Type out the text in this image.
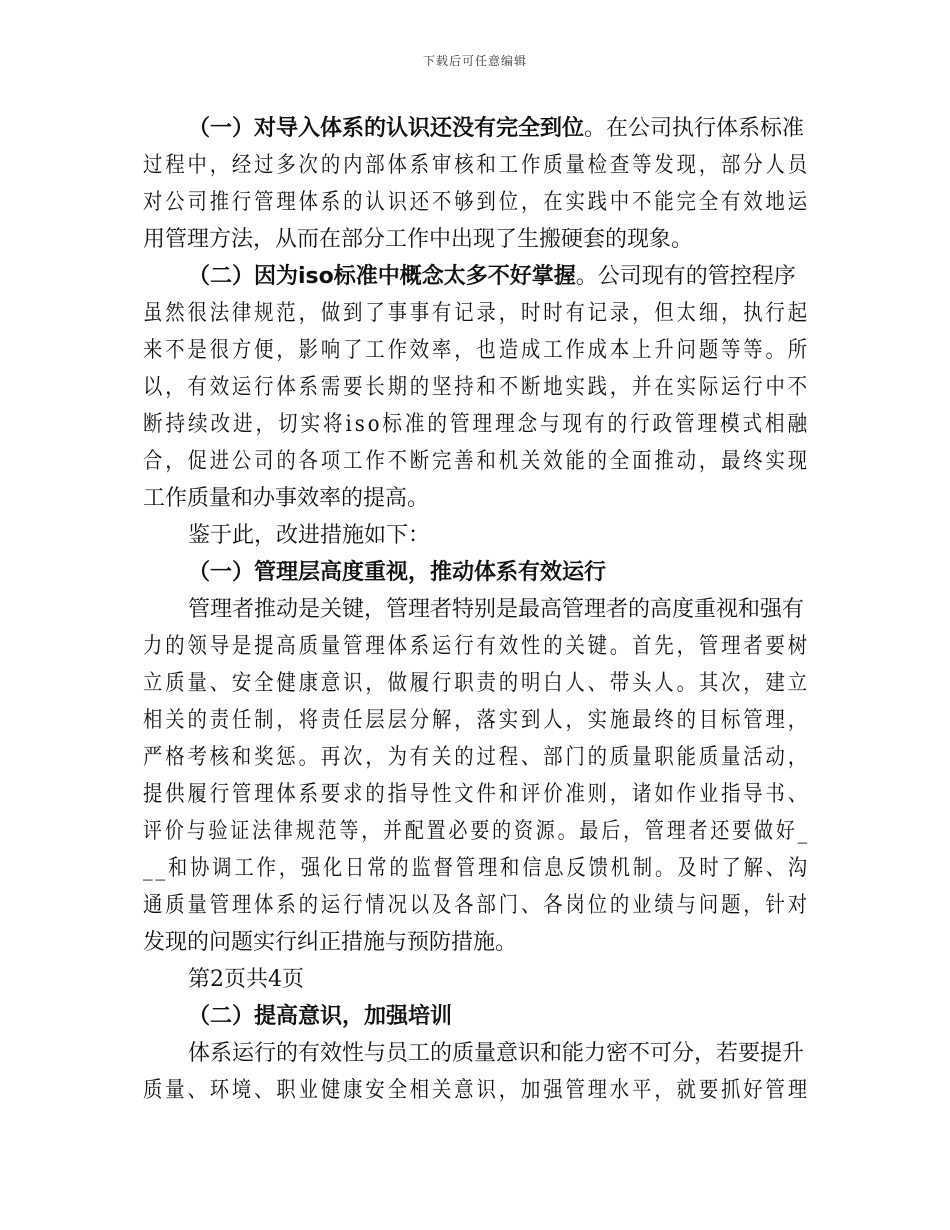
下载后可任意编辑

（一）对导入体系的认识还没有完全到位。在公司执行体系标准

过程中，经过多次的内部体系审核和工作质量检查等发现，部分人员

对公司推行管理体系的认识还不够到位，在实践中不能完全有效地运

用管理方法，从而在部分工作中出现了生搬硬套的现象。

（二）因为iso标准中概念太多不好掌握。公司现有的管控程序

虽然很法律规范，做到了事事有记录，时时有记录，但太细，执行起

来不是很方便，影响了工作效率，也造成工作成本上升问题等等。所

以，有效运行体系需要长期的坚持和不断地实践，并在实际运行中不

断持续改进，切实将iso标准的管理理念与现有的行政管理模式相融

合，促进公司的各项工作不断完善和机关效能的全面推动，最终实现

工作质量和办事效率的提高。

鉴于此，改进措施如下：

（一）管理层高度重视，推动体系有效运行

管理者推动是关键，管理者特别是最高管理者的高度重视和强有

力的领导是提高质量管理体系运行有效性的关键。首先，管理者要树

立质量、安全健康意识，做履行职责的明白人、带头人。其次，建立

相关的责任制，将责任层层分解，落实到人，实施最终的目标管理，

严格考核和奖惩。再次，为有关的过程、部门的质量职能质量活动，

提供履行管理体系要求的指导性文件和评价准则，诸如作业指导书、

评价与验证法律规范等，并配置必要的资源。最后，管理者还要做好_

__和协调工作，强化日常的监督管理和信息反馈机制。及时了解、沟

通质量管理体系的运行情况以及各部门、各岗位的业绩与问题，针对

发现的问题实行纠正措施与预防措施。

第2页共4页

（二）提高意识，加强培训

体系运行的有效性与员工的质量意识和能力密不可分，若要提升

质量、环境、职业健康安全相关意识，加强管理水平，就要抓好管理
